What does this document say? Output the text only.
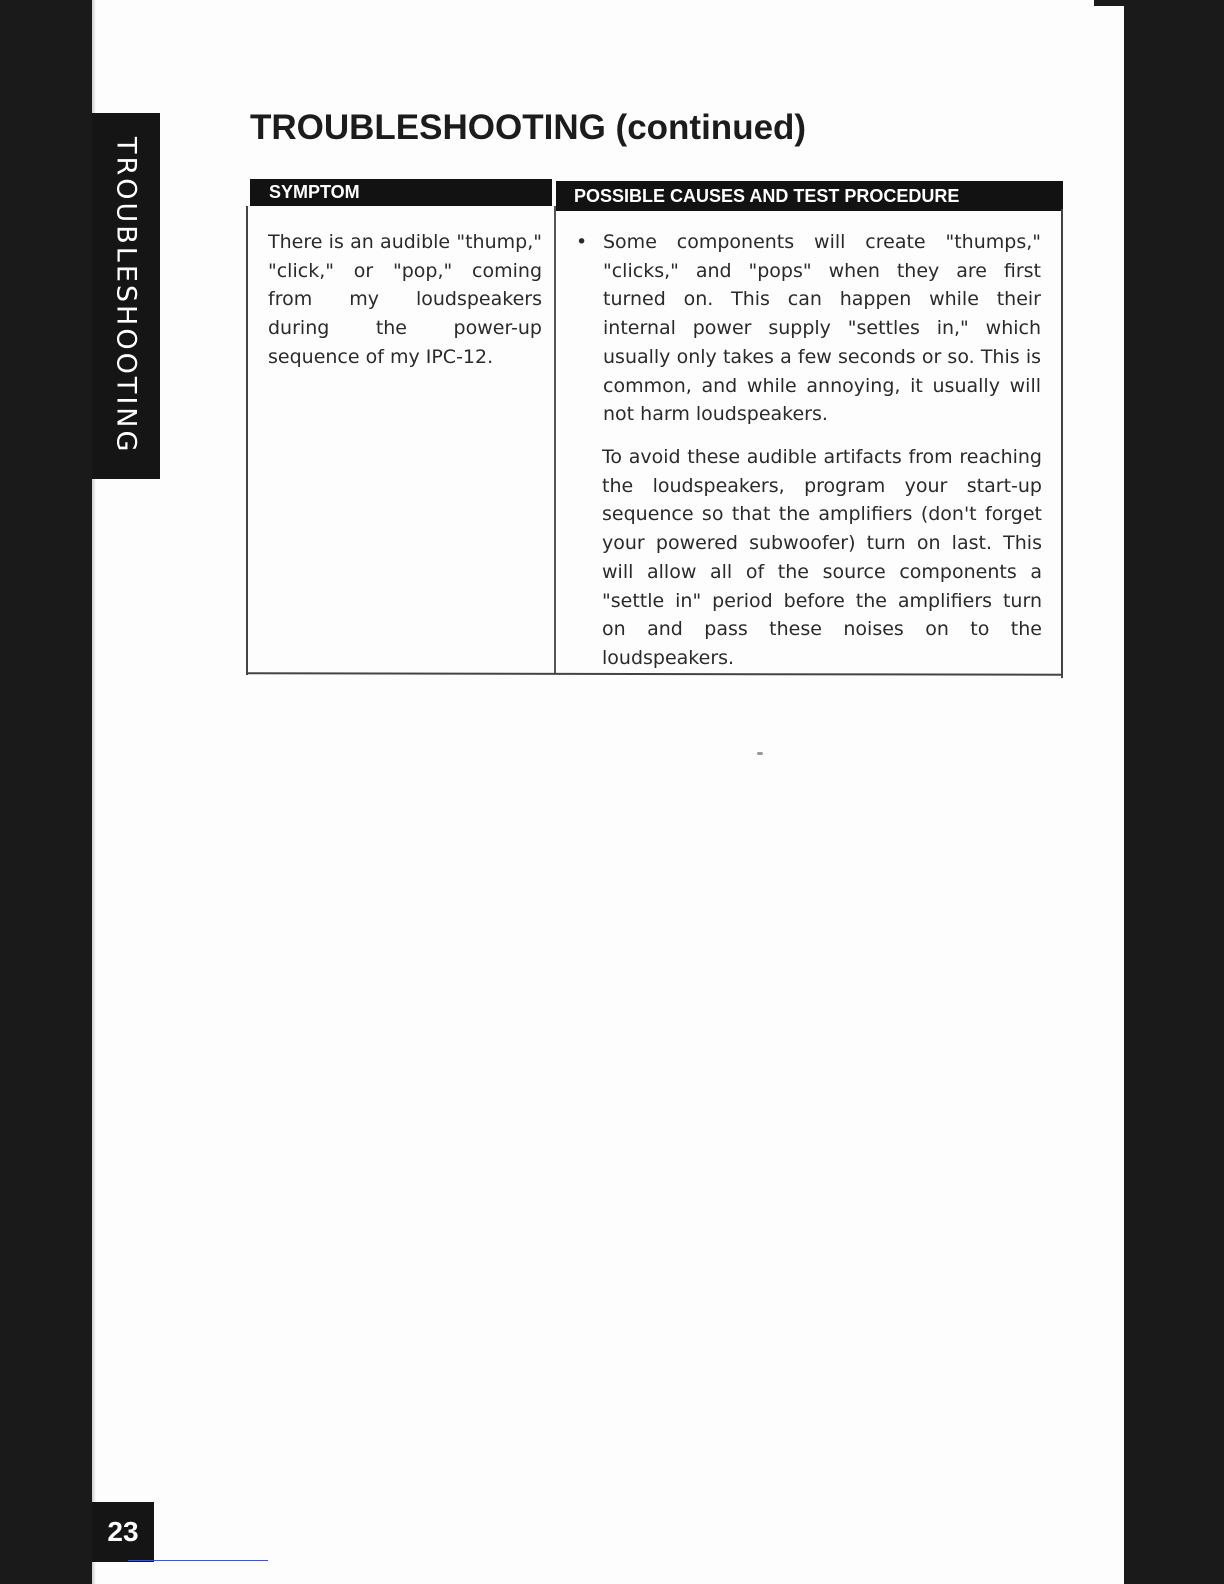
TROUBLESHOOTING
TROUBLESHOOTING (continued)
SYMPTOM	POSSIBLE CAUSES AND TEST PROCEDURE
There is an audible "thump," "click," or "pop," coming from my loudspeakers during the power-up sequence of my IPC-12.
• Some components will create "thumps," "clicks," and "pops" when they are first turned on. This can happen while their internal power supply "settles in," which usually only takes a few seconds or so. This is common, and while annoying, it usually will not harm loudspeakers.
To avoid these audible artifacts from reaching the loudspeakers, program your start-up sequence so that the amplifiers (don't forget your powered subwoofer) turn on last. This will allow all of the source components a "settle in" period before the amplifiers turn on and pass these noises on to the loudspeakers.
23
